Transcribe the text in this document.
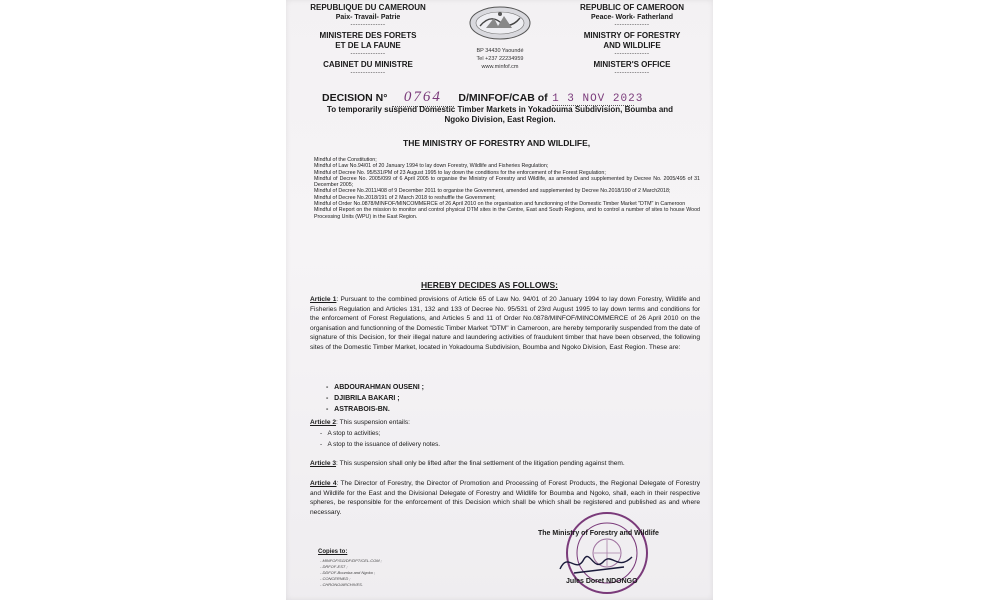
REPUBLIQUE DU CAMEROUN
Paix- Travail- Patrie
--------------
MINISTERE DES FORETS
ET DE LA FAUNE
--------------
CABINET DU MINISTRE
--------------
BP 34430 Yaoundé
Tel +237 22234959
www.minfof.cm
REPUBLIC OF CAMEROON
Peace- Work- Fatherland
--------------
MINISTRY OF FORESTRY
AND WILDLIFE
--------------
MINISTER'S OFFICE
--------------
DECISION N° 0764 D/MINFOF/CAB of 1 3 NOV 2023
To temporarily suspend Domestic Timber Markets in Yokadouma Subdivision, Boumba and
Ngoko Division, East Region.
THE MINISTRY OF FORESTRY AND WILDLIFE,

Mindful of the Constitution;

Mindful of Law No.94/01 of 20 January 1994 to lay down Forestry, Wildlife and Fisheries Regulation;

Mindful of Decree No. 95/531/PM of 23 August 1995 to lay down the conditions for the enforcement of the Forest Regulation;

Mindful of Decree No. 2005/099 of 6 April 2005 to organise the Ministry of Forestry and Wildlife, as amended and supplemented by Decree No. 2005/495 of 31 December 2005;

Mindful of Decree No.2011/408 of 9 December 2011 to organise the Government, amended and supplemented by Decree No.2018/190 of 2 March2018;

Mindful of Decree No.2018/191 of 2 March 2018 to reshuffle the Government;

Mindful of Order No.0878/MINFOF/MINCOMMERCE of 26 April 2010 on the organisation and functionning of the Domestic Timber Market "DTM" in Cameroon

Mindful of Report on the mission to monitor and control physical DTM sites in the Centre, East and South Regions, and to control a number of sites to house Wood Processing Units (WPU) in the East Region.

HEREBY DECIDES AS FOLLOWS:
Article 1: Pursuant to the combined provisions of Article 65 of Law No. 94/01 of 20 January 1994 to lay down Forestry, Wildlife and Fisheries Regulation and Articles 131, 132 and 133 of Decree No. 95/531 of 23rd August 1995 to lay down terms and conditions for the enforcement of Forest Regulations, and Articles 5 and 11 of Order No.0878/MINFOF/MINCOMMERCE of 26 April 2010 on the organisation and functionning of the Domestic Timber Market "DTM" in Cameroon, are hereby temporarily suspended from the date of signature of this Decision, for their illegal nature and laundering activities of fraudulent timber that have been observed, the following sites of the Domestic Timber Market, located in Yokadouma Subdivision, Boumba and Ngoko Division, East Region. These are:
-   ABDOURAHMAN OUSENI ;
-   DJIBRILA BAKARI ;
-   ASTRABOIS-BN.
Article 2: This suspension entails:
-   A stop to activities;
-   A stop to the issuance of delivery notes.
Article 3: This suspension shall only be lifted after the final settlement of the litigation pending against them.
Article 4: The Director of Forestry, the Director of Promotion and Processing of Forest Products, the Regional Delegate of Forestry and Wildlife for the East and the Divisional Delegate of Forestry and Wildlife for Boumba and Ngoko, shall, each in their respective spheres, be responsible for the enforcement of this Decision which shall be which shall be registered and published as and where necessary.
The Ministry of Forestry and Wildlife
Jules Doret NDONGO
Copies to:
- MINFOF/SG/DF/DPT/CEL.COM ;
- DRFOF-EST ;
- DDFOF-Boumba and Ngoko ;
- CONCERNED ;
- CHRONO/ARCHIVES.
